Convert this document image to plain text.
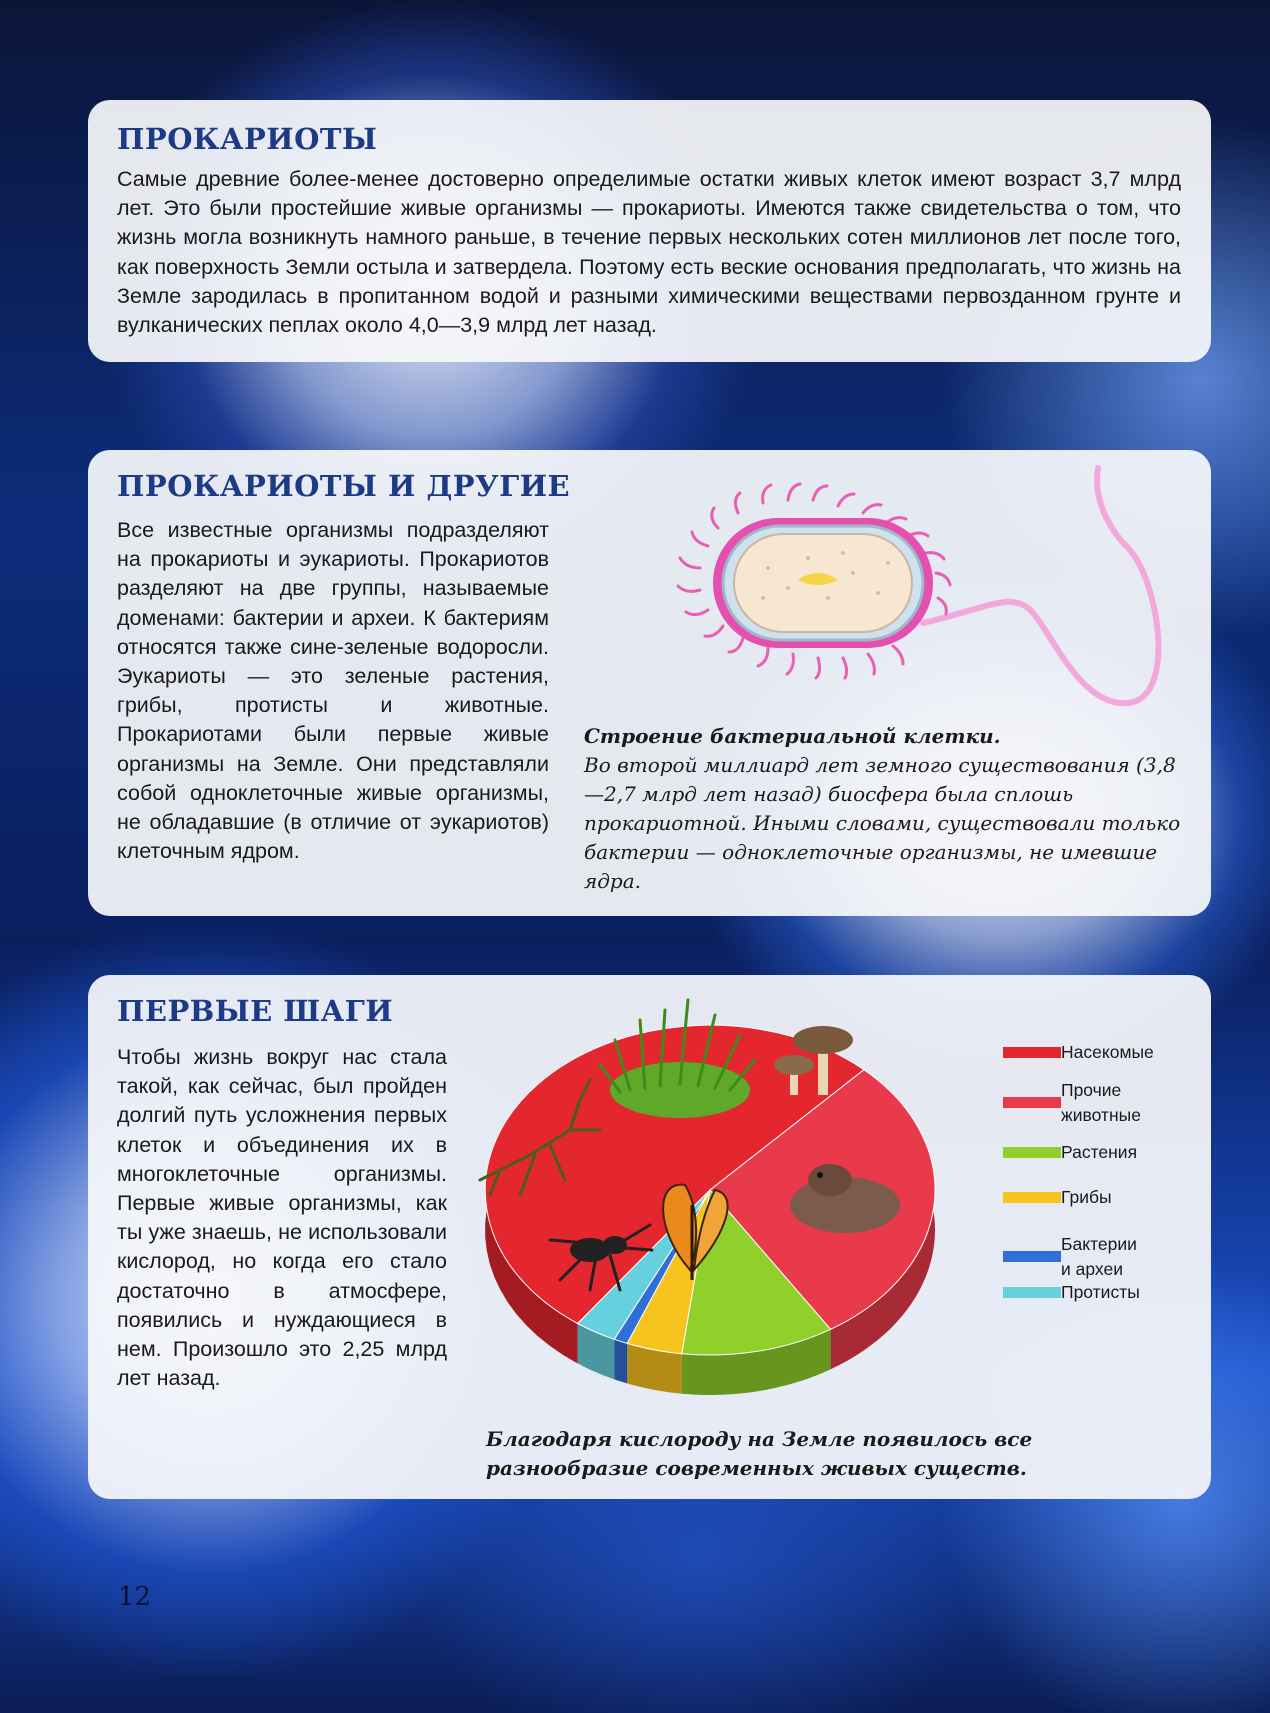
ПРОКАРИОТЫ

Самые древние более-менее достоверно определимые остатки живых клеток имеют возраст 3,7 млрд лет. Это были простейшие живые организмы — прокариоты. Имеются также свидетельства о том, что жизнь могла возникнуть намного раньше, в течение первых нескольких сотен миллионов лет после того, как поверхность Земли остыла и затвердела. Поэтому есть веские основания предполагать, что жизнь на Земле зародилась в пропитанном водой и разными химическими веществами первозданном грунте и вулканических пеплах около 4,0—3,9 млрд лет назад.

ПРОКАРИОТЫ И ДРУГИЕ

Все известные организмы подразделяют на прокариоты и эукариоты. Прокариотов разделяют на две группы, называемые доменами: бактерии и археи. К бактериям относятся также сине-зеленые водоросли. Эукариоты — это зеленые растения, грибы, протисты и животные. Прокариотами были первые живые организмы на Земле. Они представляли собой одноклеточные живые организмы, не обладавшие (в отличие от эукариотов) клеточным ядром.

Строение бактериальной клетки.
Во второй миллиард лет земного существования (3,8—2,7 млрд лет назад) биосфера была сплошь прокариотной. Иными словами, существовали только бактерии — одноклеточные организмы, не имевшие ядра.

ПЕРВЫЕ ШАГИ

Чтобы жизнь вокруг нас стала такой, как сейчас, был пройден долгий путь усложнения первых клеток и объединения их в многоклеточные организмы. Первые живые организмы, как ты уже знаешь, не использовали кислород, но когда его стало достаточно в атмосфере, появились и нуждающиеся в нем. Произошло это 2,25 млрд лет назад.

Благодаря кислороду на Земле появилось все разнообразие современных живых существ.

Насекомые
Прочие
животные
Растения
Грибы
Бактерии
и археи
Протисты
12
